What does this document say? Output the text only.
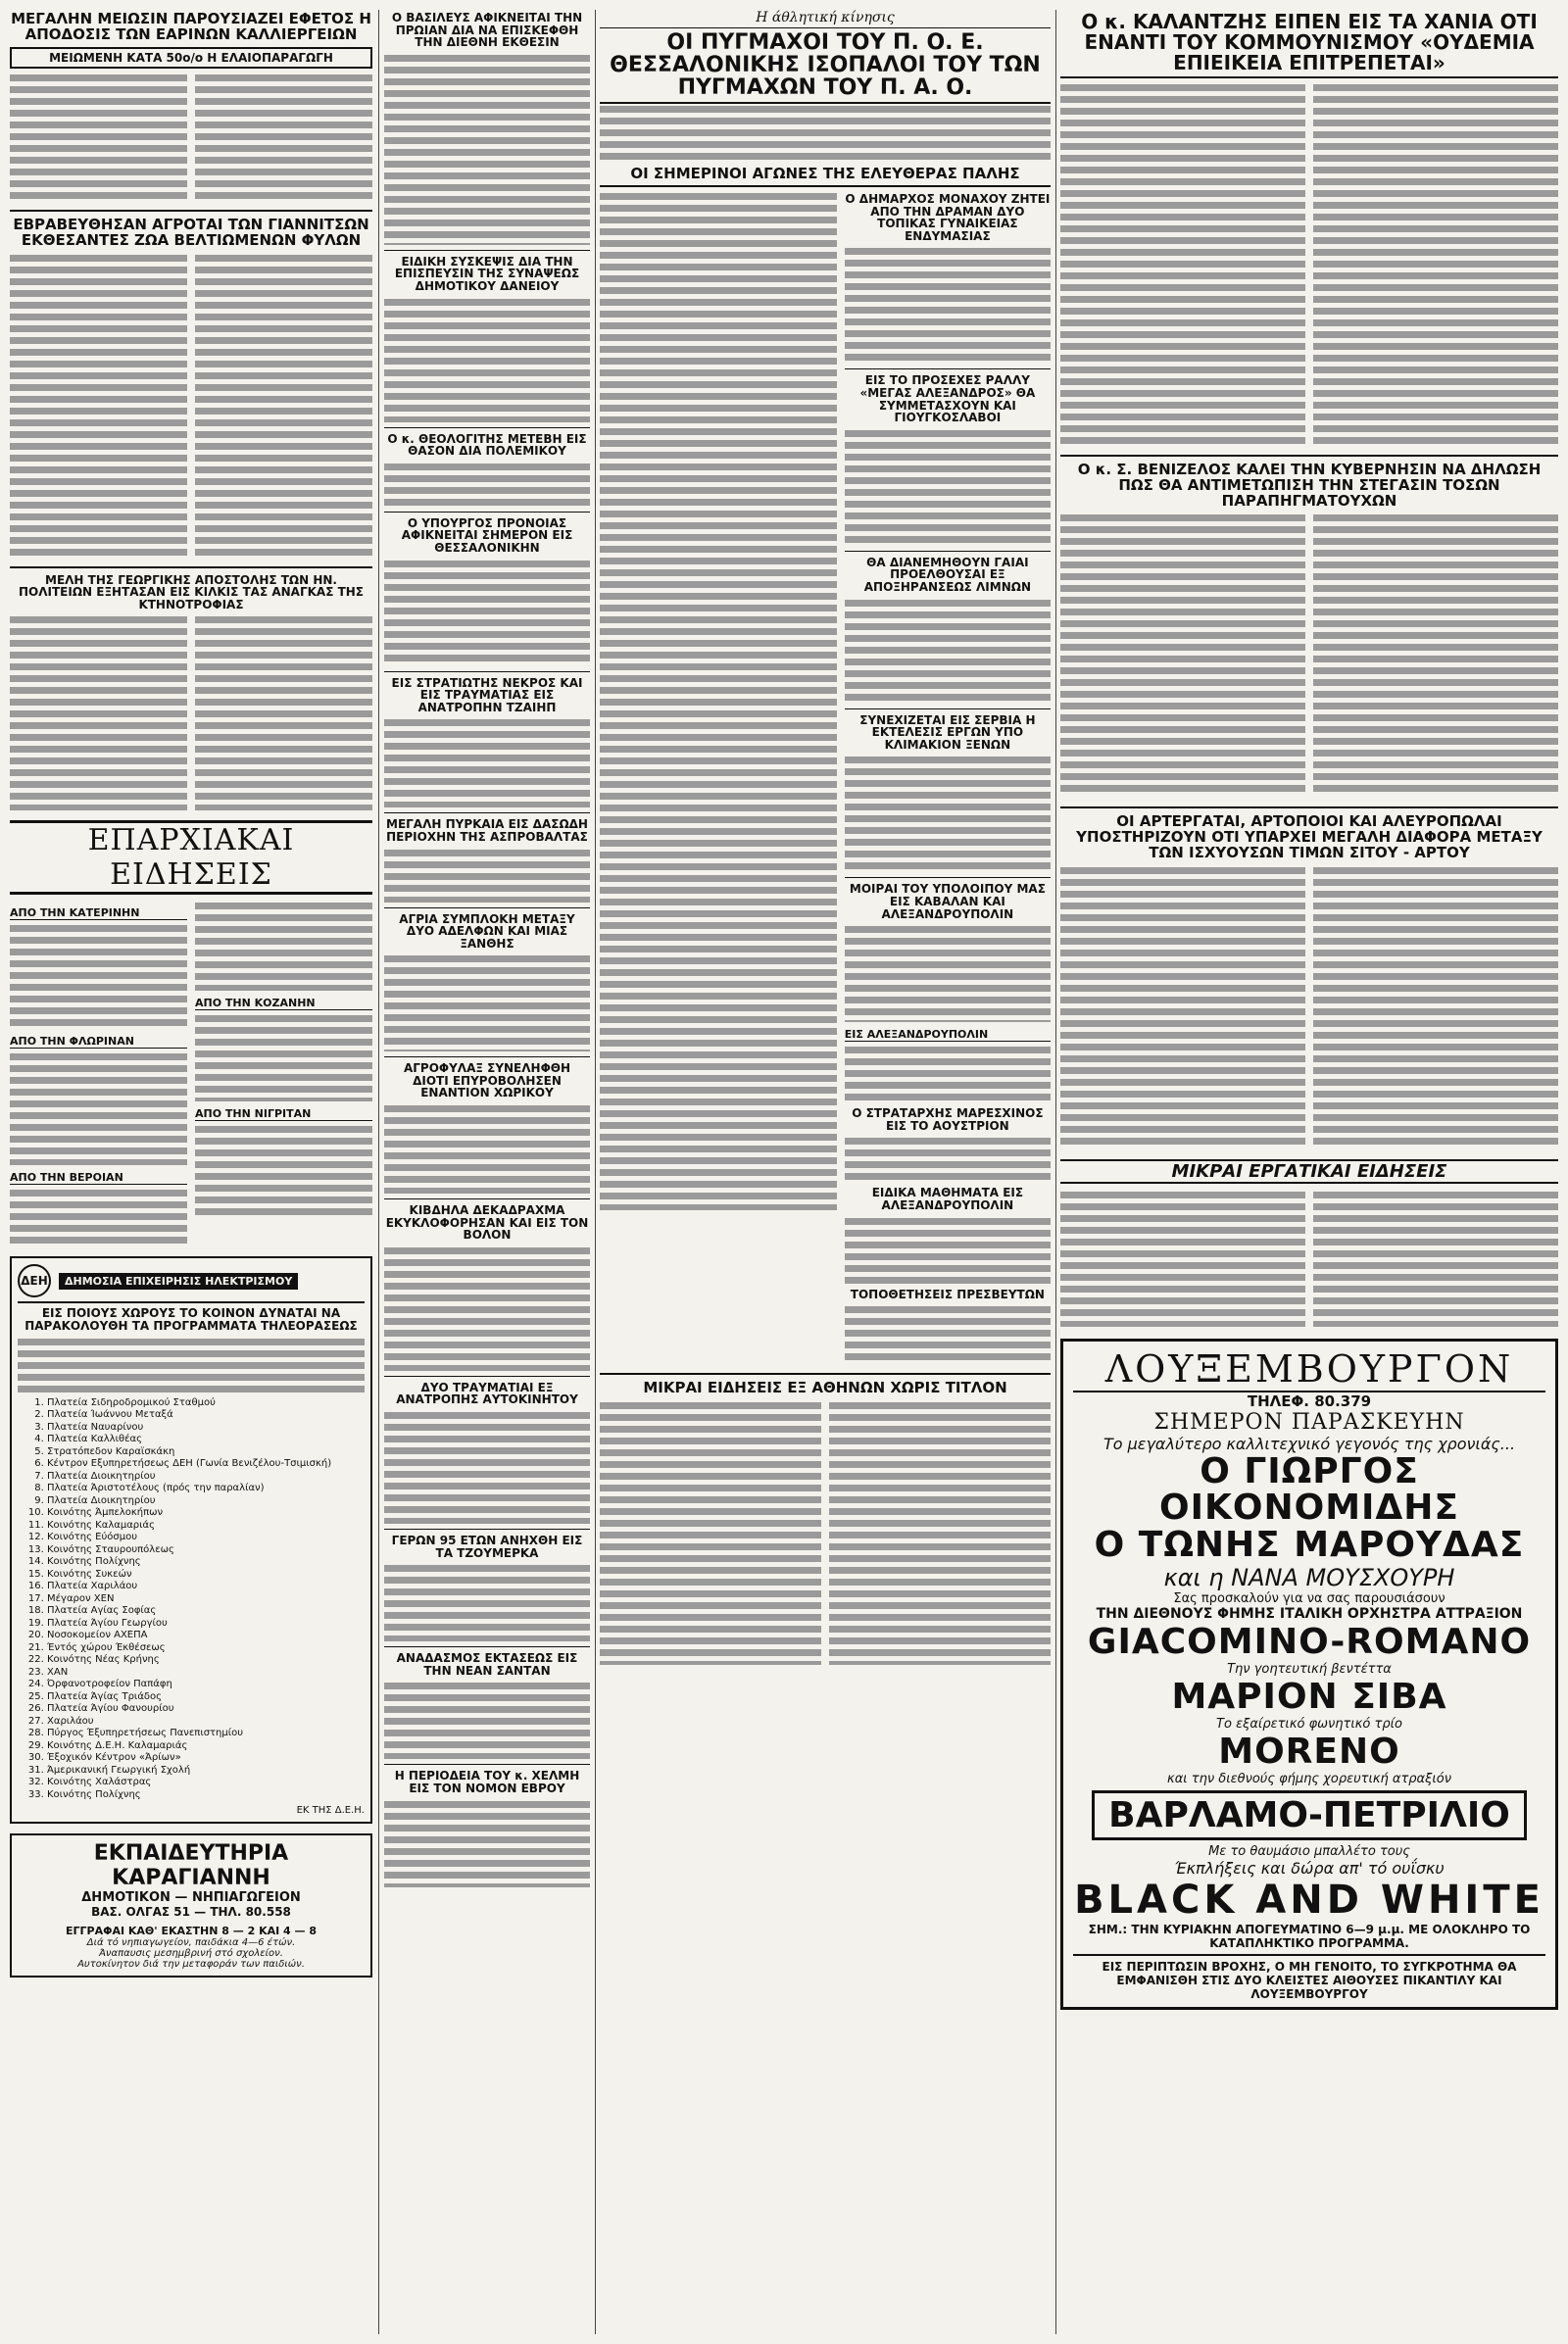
ΜΕΓΑΛΗΝ ΜΕΙΩΣΙΝ ΠΑΡΟΥΣΙΑΖΕΙ ΕΦΕΤΟΣ Η ΑΠΟΔΟΣΙΣ ΤΩΝ ΕΑΡΙΝΩΝ ΚΑΛΛΙΕΡΓΕΙΩΝ
ΜΕΙΩΜΕΝΗ ΚΑΤΑ 50ο/ο Η ΕΛΑΙΟΠΑΡΑΓΩΓΗ
ΕΒΡΑΒΕΥΘΗΣΑΝ ΑΓΡΟΤΑΙ ΤΩΝ ΓΙΑΝΝΙΤΣΩΝ ΕΚΘΕΣΑΝΤΕΣ ΖΩΑ ΒΕΛΤΙΩΜΕΝΩΝ ΦΥΛΩΝ
ΜΕΛΗ ΤΗΣ ΓΕΩΡΓΙΚΗΣ ΑΠΟΣΤΟΛΗΣ ΤΩΝ ΗΝ. ΠΟΛΙΤΕΙΩΝ ΕΞΗΤΑΣΑΝ ΕΙΣ ΚΙΛΚΙΣ ΤΑΣ ΑΝΑΓΚΑΣ ΤΗΣ ΚΤΗΝΟΤΡΟΦΙΑΣ
ΕΠΑΡΧΙΑΚΑΙ ΕΙΔΗΣΕΙΣ
ΑΠΟ ΤΗΝ ΚΑΤΕΡΙΝΗΝ
ΑΠΟ ΤΗΝ ΦΛΩΡΙΝΑΝ
ΑΠΟ ΤΗΝ ΒΕΡΟΙΑΝ
ΑΠΟ ΤΗΝ ΚΟΖΑΝΗΝ
ΑΠΟ ΤΗΝ ΝΙΓΡΙΤΑΝ
ΔΕΗ	ΔΗΜΟΣΙΑ ΕΠΙΧΕΙΡΗΣΙΣ ΗΛΕΚΤΡΙΣΜΟΥ
ΕΙΣ ΠΟΙΟΥΣ ΧΩΡΟΥΣ ΤΟ ΚΟΙΝΟΝ ΔΥΝΑΤΑΙ ΝΑ ΠΑΡΑΚΟΛΟΥΘΗ ΤΑ ΠΡΟΓΡΑΜΜΑΤΑ ΤΗΛΕΟΡΑΣΕΩΣ
1. Πλατεία Σιδηροδρομικού Σταθμού
2. Πλατεία Ίωάννου Μεταξά
3. Πλατεία Ναυαρίνου
4. Πλατεία Καλλιθέας
5. Στρατόπεδον Καραϊσκάκη
6. Κέντρον Εξυπηρετήσεως ΔΕΗ (Γωνία Βενιζέλου-Τσιμισκή)
7. Πλατεία Διοικητηρίου
8. Πλατεία Άριστοτέλους (πρός την παραλίαν)
9. Πλατεία Διοικητηρίου
10. Κοινότης Άμπελοκήπων
11. Κοινότης Καλαμαριάς
12. Κοινότης Εύόσμου
13. Κοινότης Σταυρουπόλεως
14. Κοινότης Πολίχνης
15. Κοινότης Συκεών
16. Πλατεία Χαριλάου
17. Μέγαρον ΧΕΝ
18. Πλατεία Αγίας Σοφίας
19. Πλατεία Άγίου Γεωργίου
20. Νοσοκομείον ΑΧΕΠΑ
21. Έντός χώρου Έκθέσεως
22. Κοινότης Νέας Κρήνης
23. ΧΑΝ
24. Όρφανοτροφείον Παπάφη
25. Πλατεία Άγίας Τριάδος
26. Πλατεία Άγίου Φανουρίου
27. Χαριλάου
28. Πύργος Έξυπηρετήσεως Πανεπιστημίου
29. Κοινότης Δ.Ε.Η. Καλαμαριάς
30. Έξοχικόν Κέντρον «Άρίων»
31. Άμερικανική Γεωργική Σχολή
32. Κοινότης Χαλάστρας
33. Κοινότης Πολίχνης
ΕΚ ΤΗΣ Δ.Ε.Η.
ΕΚΠΑΙΔΕΥΤΗΡΙΑ ΚΑΡΑΓΙΑΝΝΗ
ΔΗΜΟΤΙΚΟΝ — ΝΗΠΙΑΓΩΓΕΙΟΝ
ΒΑΣ. ΟΛΓΑΣ 51 — ΤΗΛ. 80.558
ΕΓΓΡΑΦΑΙ ΚΑΘ' ΕΚΑΣΤΗΝ 8 — 2 ΚΑΙ 4 — 8
Διά τό νηπιαγωγείον, παιδάκια 4—6 έτών.
Άναπαυσις μεσημβρινή στό σχολείον.
Αυτοκίνητον διά την μεταφοράν των παιδιών.
Ο ΒΑΣΙΛΕΥΣ ΑΦΙΚΝΕΙΤΑΙ ΤΗΝ ΠΡΩΙΑΝ ΔΙΑ ΝΑ ΕΠΙΣΚΕΦΘΗ ΤΗΝ ΔΙΕΘΝΗ ΕΚΘΕΣΙΝ
ΕΙΔΙΚΗ ΣΥΣΚΕΨΙΣ ΔΙΑ ΤΗΝ ΕΠΙΣΠΕΥΣΙΝ ΤΗΣ ΣΥΝΑΨΕΩΣ ΔΗΜΟΤΙΚΟΥ ΔΑΝΕΙΟΥ
Ο κ. ΘΕΟΛΟΓΙΤΗΣ ΜΕΤΕΒΗ ΕΙΣ ΘΑΣΟΝ ΔΙΑ ΠΟΛΕΜΙΚΟΥ
Ο ΥΠΟΥΡΓΟΣ ΠΡΟΝΟΙΑΣ ΑΦΙΚΝΕΙΤΑΙ ΣΗΜΕΡΟΝ ΕΙΣ ΘΕΣΣΑΛΟΝΙΚΗΝ
ΕΙΣ ΣΤΡΑΤΙΩΤΗΣ ΝΕΚΡΟΣ ΚΑΙ ΕΙΣ ΤΡΑΥΜΑΤΙΑΣ ΕΙΣ ΑΝΑΤΡΟΠΗΝ ΤΖΑΙΗΠ
ΜΕΓΑΛΗ ΠΥΡΚΑΙΑ ΕΙΣ ΔΑΣΩΔΗ ΠΕΡΙΟΧΗΝ ΤΗΣ ΑΣΠΡΟΒΑΛΤΑΣ
ΑΓΡΙΑ ΣΥΜΠΛΟΚΗ ΜΕΤΑΞΥ ΔΥΟ ΑΔΕΛΦΩΝ ΚΑΙ ΜΙΑΣ ΞΑΝΘΗΣ
ΑΓΡΟΦΥΛΑΞ ΣΥΝΕΛΗΦΘΗ ΔΙΟΤΙ ΕΠΥΡΟΒΟΛΗΣΕΝ ΕΝΑΝΤΙΟΝ ΧΩΡΙΚΟΥ
ΚΙΒΔΗΛΑ ΔΕΚΑΔΡΑΧΜΑ ΕΚΥΚΛΟΦΟΡΗΣΑΝ ΚΑΙ ΕΙΣ ΤΟΝ ΒΟΛΟΝ
ΔΥΟ ΤΡΑΥΜΑΤΙΑΙ ΕΞ ΑΝΑΤΡΟΠΗΣ ΑΥΤΟΚΙΝΗΤΟΥ
ΓΕΡΩΝ 95 ΕΤΩΝ ΑΝΗΧΘΗ ΕΙΣ ΤΑ ΤΖΟΥΜΕΡΚΑ
ΑΝΑΔΑΣΜΟΣ ΕΚΤΑΣΕΩΣ ΕΙΣ ΤΗΝ ΝΕΑΝ ΣΑΝΤΑΝ
Η ΠΕΡΙΟΔΕΙΑ ΤΟΥ κ. ΧΕΛΜΗ ΕΙΣ ΤΟΝ ΝΟΜΟΝ ΕΒΡΟΥ
Η άθλητική κίνησις
ΟΙ ΠΥΓΜΑΧΟΙ ΤΟΥ Π. Ο. Ε. ΘΕΣΣΑΛΟΝΙΚΗΣ ΙΣΟΠΑΛΟΙ ΤΟΥ ΤΩΝ ΠΥΓΜΑΧΩΝ ΤΟΥ Π. Α. Ο.
ΟΙ ΣΗΜΕΡΙΝΟΙ ΑΓΩΝΕΣ ΤΗΣ ΕΛΕΥΘΕΡΑΣ ΠΑΛΗΣ
Ο ΔΗΜΑΡΧΟΣ ΜΟΝΑΧΟΥ ΖΗΤΕΙ ΑΠΟ ΤΗΝ ΔΡΑΜΑΝ ΔΥΟ ΤΟΠΙΚΑΣ ΓΥΝΑΙΚΕΙΑΣ ΕΝΔΥΜΑΣΙΑΣ
ΕΙΣ ΤΟ ΠΡΟΣΕΧΕΣ ΡΑΛΛΥ «ΜΕΓΑΣ ΑΛΕΞΑΝΔΡΟΣ» ΘΑ ΣΥΜΜΕΤΑΣΧΟΥΝ ΚΑΙ ΓΙΟΥΓΚΟΣΛΑΒΟΙ
ΘΑ ΔΙΑΝΕΜΗΘΟΥΝ ΓΑΙΑΙ ΠΡΟΕΛΘΟΥΣΑΙ ΕΞ ΑΠΟΞΗΡΑΝΣΕΩΣ ΛΙΜΝΩΝ
ΣΥΝΕΧΙΖΕΤΑΙ ΕΙΣ ΣΕΡΒΙΑ Η ΕΚΤΕΛΕΣΙΣ ΕΡΓΩΝ ΥΠΟ ΚΛΙΜΑΚΙΟΝ ΞΕΝΩΝ
ΜΟΙΡΑΙ ΤΟΥ ΥΠΟΛΟΙΠΟΥ ΜΑΣ ΕΙΣ ΚΑΒΑΛΑΝ ΚΑΙ ΑΛΕΞΑΝΔΡΟΥΠΟΛΙΝ
ΕΙΣ ΑΛΕΞΑΝΔΡΟΥΠΟΛΙΝ
Ο ΣΤΡΑΤΑΡΧΗΣ ΜΑΡΕΣΧΙΝΟΣ ΕΙΣ ΤΟ ΑΟΥΣΤΡΙΟΝ
ΕΙΔΙΚΑ ΜΑΘΗΜΑΤΑ ΕΙΣ ΑΛΕΞΑΝΔΡΟΥΠΟΛΙΝ
ΤΟΠΟΘΕΤΗΣΕΙΣ ΠΡΕΣΒΕΥΤΩΝ
ΜΙΚΡΑΙ ΕΙΔΗΣΕΙΣ ΕΞ ΑΘΗΝΩΝ ΧΩΡΙΣ ΤΙΤΛΟΝ
Ο κ. ΚΑΛΑΝΤΖΗΣ ΕΙΠΕΝ ΕΙΣ ΤΑ ΧΑΝΙΑ ΟΤΙ ΕΝΑΝΤΙ ΤΟΥ ΚΟΜΜΟΥΝΙΣΜΟΥ «ΟΥΔΕΜΙΑ ΕΠΙΕΙΚΕΙΑ ΕΠΙΤΡΕΠΕΤΑΙ»
Ο κ. Σ. ΒΕΝΙΖΕΛΟΣ ΚΑΛΕΙ ΤΗΝ ΚΥΒΕΡΝΗΣΙΝ ΝΑ ΔΗΛΩΣΗ ΠΩΣ ΘΑ ΑΝΤΙΜΕΤΩΠΙΣΗ ΤΗΝ ΣΤΕΓΑΣΙΝ ΤΟΣΩΝ ΠΑΡΑΠΗΓΜΑΤΟΥΧΩΝ
ΟΙ ΑΡΤΕΡΓΑΤΑΙ, ΑΡΤΟΠΟΙΟΙ ΚΑΙ ΑΛΕΥΡΟΠΩΛΑΙ ΥΠΟΣΤΗΡΙΖΟΥΝ ΟΤΙ ΥΠΑΡΧΕΙ ΜΕΓΑΛΗ ΔΙΑΦΟΡΑ ΜΕΤΑΞΥ ΤΩΝ ΙΣΧΥΟΥΣΩΝ ΤΙΜΩΝ ΣΙΤΟΥ - ΑΡΤΟΥ
ΜΙΚΡΑΙ ΕΡΓΑΤΙΚΑΙ ΕΙΔΗΣΕΙΣ
ΛΟΥΞΕΜΒΟΥΡΓΟΝ
ΤΗΛΕΦ. 80.379
ΣΗΜΕΡΟΝ ΠΑΡΑΣΚΕΥΗΝ
Το μεγαλύτερο καλλιτεχνικό γεγονός της χρονιάς...
Ο ΓΙΩΡΓΟΣ ΟΙΚΟΝΟΜΙΔΗΣ
Ο ΤΩΝΗΣ ΜΑΡΟΥΔΑΣ
και η ΝΑΝΑ ΜΟΥΣΧΟΥΡΗ
Σας προσκαλούν για να σας παρουσιάσουν
ΤΗΝ ΔΙΕΘΝΟΥΣ ΦΗΜΗΣ ΙΤΑΛΙΚΗ ΟΡΧΗΣΤΡΑ ΑΤΤΡΑΞΙΟΝ
GIACOMINO-ROMANO
Την γοητευτική βεντέττα
ΜΑΡΙΟΝ ΣΙΒΑ
Το εξαίρετικό φωνητικό τρίο
MORENO
και την διεθνούς φήμης χορευτική ατραξιόν
ΒΑΡΛΑΜΟ-ΠΕΤΡΙΛΙΟ
Με το θαυμάσιο μπαλλέτο τους
Έκπλήξεις και δώρα απ' τό ουΐσκυ
BLACK AND WHITE
ΣΗΜ.: ΤΗΝ ΚΥΡΙΑΚΗΝ ΑΠΟΓΕΥΜΑΤΙΝΟ 6—9 μ.μ. ΜΕ ΟΛΟΚΛΗΡΟ ΤΟ ΚΑΤΑΠΛΗΚΤΙΚΟ ΠΡΟΓΡΑΜΜΑ.
ΕΙΣ ΠΕΡΙΠΤΩΣΙΝ ΒΡΟΧΗΣ, Ο ΜΗ ΓΕΝΟΙΤΟ, ΤΟ ΣΥΓΚΡΟΤΗΜΑ ΘΑ ΕΜΦΑΝΙΣΘΗ ΣΤΙΣ ΔΥΟ ΚΛΕΙΣΤΕΣ ΑΙΘΟΥΣΕΣ ΠΙΚΑΝΤΙΛΥ ΚΑΙ ΛΟΥΞΕΜΒΟΥΡΓΟΥ
